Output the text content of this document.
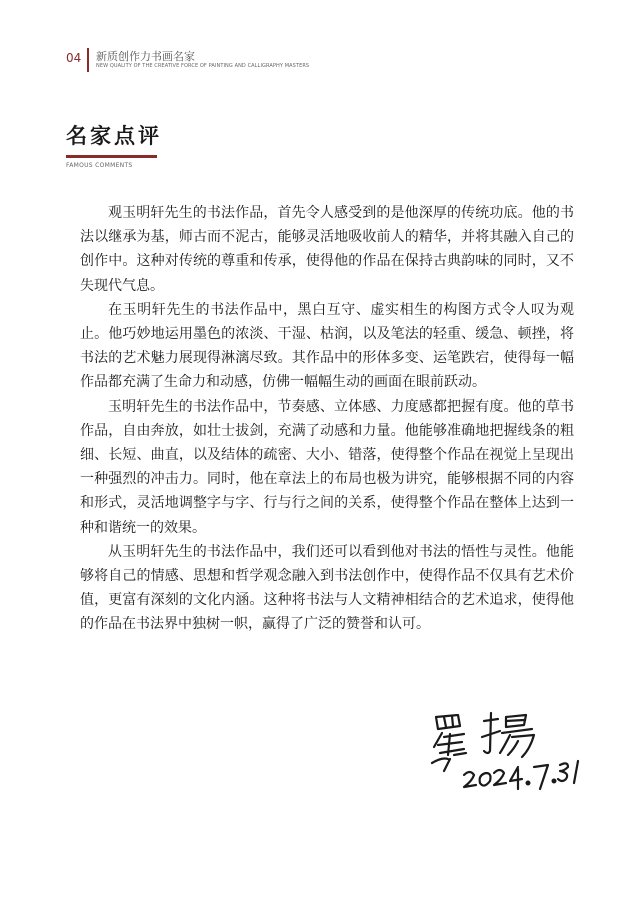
04 新质创作力书画名家
NEW QUALITY OF THE CREATIVE FORCE OF PAINTING AND CALLIGRAPHY MASTERS
名家点评
FAMOUS COMMENTS

观玉明轩先生的书法作品，首先令人感受到的是他深厚的传统功底。他的书法以继承为基，师古而不泥古，能够灵活地吸收前人的精华，并将其融入自己的创作中。这种对传统的尊重和传承，使得他的作品在保持古典韵味的同时，又不失现代气息。

在玉明轩先生的书法作品中，黑白互守、虚实相生的构图方式令人叹为观止。他巧妙地运用墨色的浓淡、干湿、枯润，以及笔法的轻重、缓急、顿挫，将书法的艺术魅力展现得淋漓尽致。其作品中的形体多变、运笔跌宕，使得每一幅作品都充满了生命力和动感，仿佛一幅幅生动的画面在眼前跃动。

玉明轩先生的书法作品中，节奏感、立体感、力度感都把握有度。他的草书作品，自由奔放，如壮士拔剑，充满了动感和力量。他能够准确地把握线条的粗细、长短、曲直，以及结体的疏密、大小、错落，使得整个作品在视觉上呈现出一种强烈的冲击力。同时，他在章法上的布局也极为讲究，能够根据不同的内容和形式，灵活地调整字与字、行与行之间的关系，使得整个作品在整体上达到一种和谐统一的效果。

从玉明轩先生的书法作品中，我们还可以看到他对书法的悟性与灵性。他能够将自己的情感、思想和哲学观念融入到书法创作中，使得作品不仅具有艺术价值，更富有深刻的文化内涵。这种将书法与人文精神相结合的艺术追求，使得他的作品在书法界中独树一帜，赢得了广泛的赞誉和认可。
